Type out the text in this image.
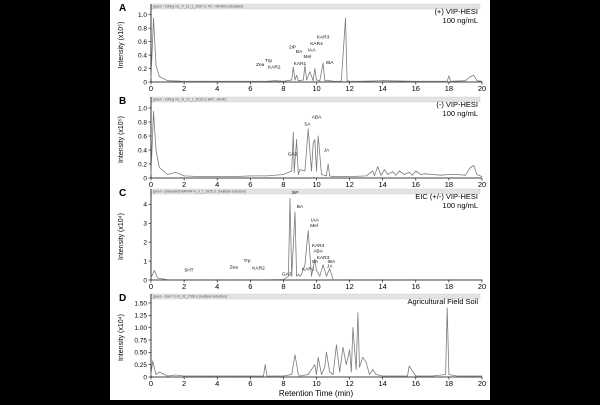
green - 100ng mL_P_12_1_2037.d: TIC +All MSn (disabled)
0	2	4	6	8	10	12	14	16	18	20
0
0.2
0.4
0.6
0.8
1.0
Intensity (x10⁵)
A	(+) VIP-HESI
100 ng/mL
Zea
Trp
KAR2
2iP
BA
KAR1
IAA
Mel
KAR4
KAR3
IBA
green - 100ng mL_N_12_1_2015.d: BPC -All MS
0	2	4	6	8	10	12	14	16	18	20
0
0.2
0.4
0.6
0.8
1.0
Intensity (x10⁵)
B	(-) VIP-HESI
100 ng/mL
GA3
SA
ABA
JA
green - [Standard]-IMRAR-N_0_1_2025.d: (multiple selection)
0	2	4	6	8	10	12	14	16	18	20
0
1
2
3
4
Intensity (x10⁴)
C	EIC (+/-) VIP-HESI
100 ng/mL
2iP
BA
IAA
Mel
KAR4
ABA
KAR3
SA IBA
JA
KAR1
GA3
5HT
Zea
Trp
KAR2
green - Soil-7-2-N_02_2766.d (multiple selection)
0	2	4	6	8	10	12	14	16	18	20
0
0.25
0.50
0.75
1.00
1.25
1.50
Intensity (x10⁴)
D	Agricultural Field Soil
Retention Time (min)
